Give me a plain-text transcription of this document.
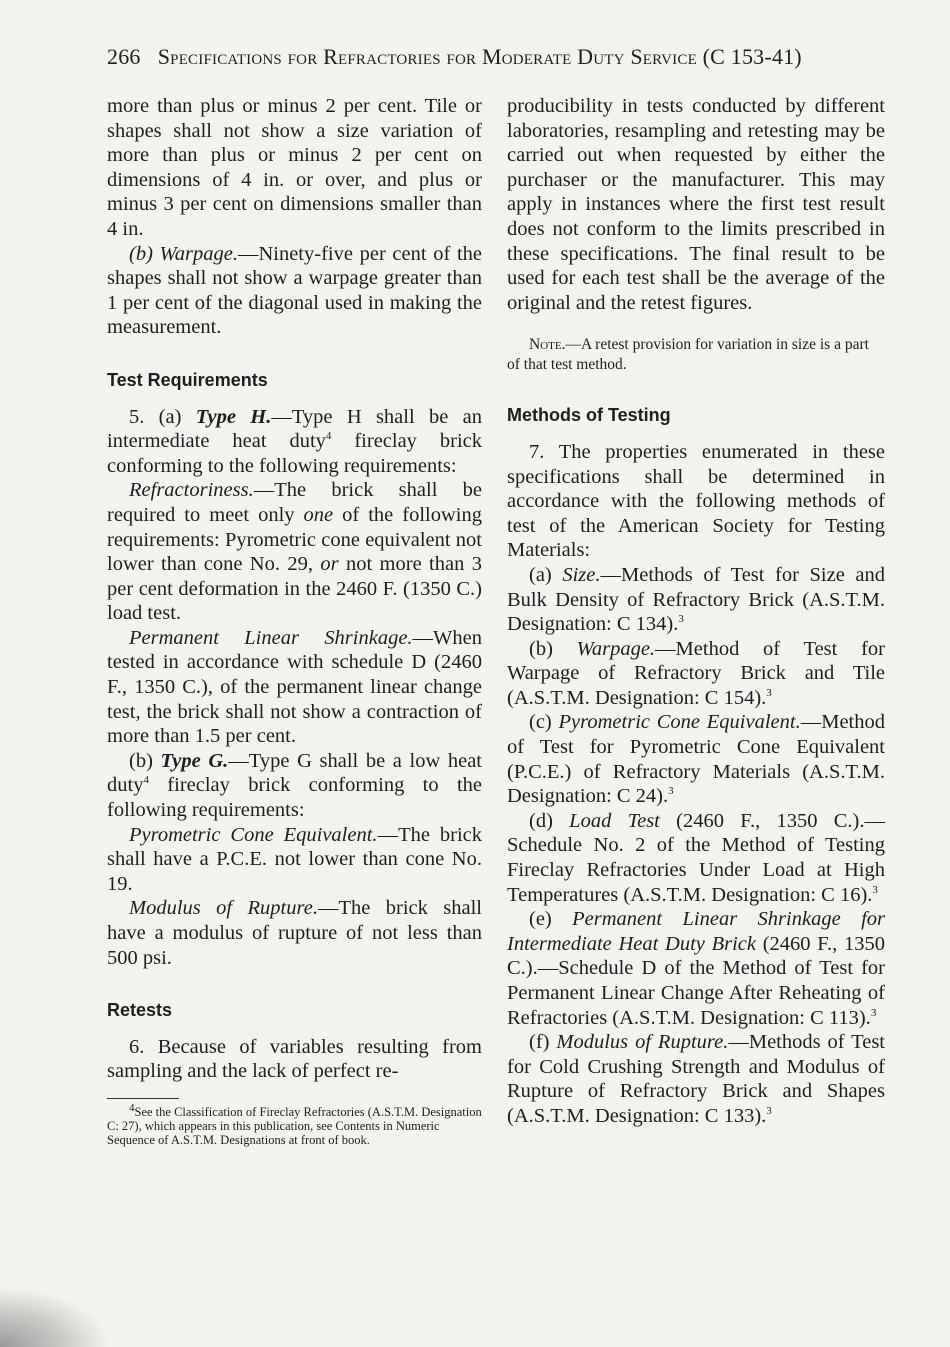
266 Specifications for Refractories for Moderate Duty Service (C 153-41)

more than plus or minus 2 per cent. Tile or shapes shall not show a size variation of more than plus or minus 2 per cent on dimensions of 4 in. or over, and plus or minus 3 per cent on dimensions smaller than 4 in.

(b) Warpage.—Ninety-five per cent of the shapes shall not show a warpage greater than 1 per cent of the diagonal used in making the measurement.

Test Requirements

5. (a) Type H.—Type H shall be an intermediate heat duty$^4$ fireclay brick conforming to the following requirements:

Refractoriness.—The brick shall be required to meet only one of the following requirements: Pyrometric cone equivalent not lower than cone No. 29, or not more than 3 per cent deformation in the 2460 F. (1350 C.) load test.

Permanent Linear Shrinkage.—When tested in accordance with schedule D (2460 F., 1350 C.), of the permanent linear change test, the brick shall not show a contraction of more than 1.5 per cent.

(b) Type G.—Type G shall be a low heat duty$^4$ fireclay brick conforming to the following requirements:

Pyrometric Cone Equivalent.—The brick shall have a P.C.E. not lower than cone No. 19.

Modulus of Rupture.—The brick shall have a modulus of rupture of not less than 500 psi.

Retests

6. Because of variables resulting from sampling and the lack of perfect re-

$^4$See the Classification of Fireclay Refractories (A.S.T.M. Designation C: 27), which appears in this publication, see Contents in Numeric Sequence of A.S.T.M. Designations at front of book.

producibility in tests conducted by different laboratories, resampling and retesting may be carried out when requested by either the purchaser or the manufacturer. This may apply in instances where the first test result does not conform to the limits prescribed in these specifications. The final result to be used for each test shall be the average of the original and the retest figures.

Note.—A retest provision for variation in size is a part of that test method.

Methods of Testing

7. The properties enumerated in these specifications shall be determined in accordance with the following methods of test of the American Society for Testing Materials:

(a) Size.—Methods of Test for Size and Bulk Density of Refractory Brick (A.S.T.M. Designation: C 134).$^3$

(b) Warpage.—Method of Test for Warpage of Refractory Brick and Tile (A.S.T.M. Designation: C 154).$^3$

(c) Pyrometric Cone Equivalent.—Method of Test for Pyrometric Cone Equivalent (P.C.E.) of Refractory Materials (A.S.T.M. Designation: C 24).$^3$

(d) Load Test (2460 F., 1350 C.).—Schedule No. 2 of the Method of Testing Fireclay Refractories Under Load at High Temperatures (A.S.T.M. Designation: C 16).$^3$

(e) Permanent Linear Shrinkage for Intermediate Heat Duty Brick (2460 F., 1350 C.).—Schedule D of the Method of Test for Permanent Linear Change After Reheating of Refractories (A.S.T.M. Designation: C 113).$^3$

(f) Modulus of Rupture.—Methods of Test for Cold Crushing Strength and Modulus of Rupture of Refractory Brick and Shapes (A.S.T.M. Designation: C 133).$^3$
